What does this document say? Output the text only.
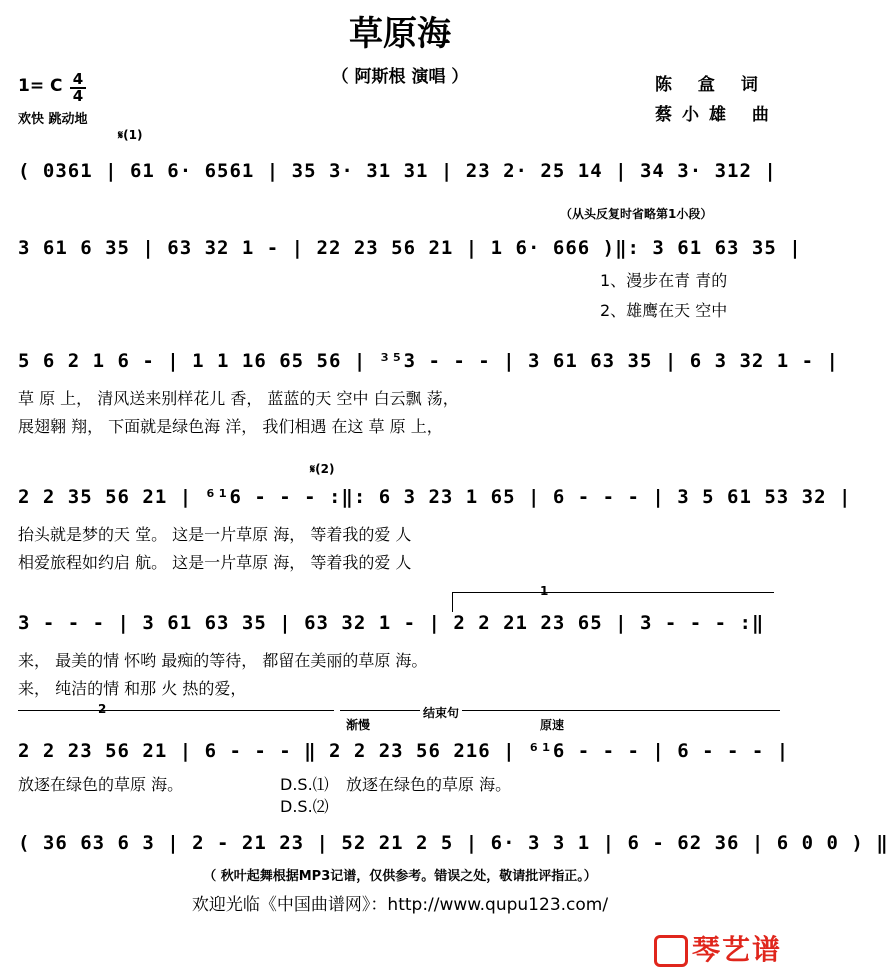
草原海
（ 阿斯根 演唱 ）
1= C 4
4
欢快 跳动地
陈 盒 词
蔡小雄 曲
𝄋(1)
( 0361 | 61 6· 6561 | 35 3· 31 31 | 23 2· 25 14 | 34 3· 312 |
（从头反复时省略第1小段）
3 61 6 35 | 63 32 1 - | 22 23 56 21 | 1 6· 666 )‖: 3 61 63 35 |
1、漫步在青 青的
2、雄鹰在天 空中
5 6 2 1 6 - | 1 1 16 65 56 | ³⁵3 - - - | 3 61 63 35 | 6 3 32 1 - |
草 原 上， 清风送来别样花儿 香， 蓝蓝的天 空中 白云飘 荡，
展翅翱 翔， 下面就是绿色海 洋， 我们相遇 在这 草 原 上，
𝄋(2)
2 2 35 56 21 | ⁶¹6 - - - :‖: 6 3 23 1 65 | 6 - - - | 3 5 61 53 32 |
抬头就是梦的天 堂。 这是一片草原 海， 等着我的爱 人
相爱旅程如约启 航。 这是一片草原 海， 等着我的爱 人
1
3 - - - | 3 61 63 35 | 63 32 1 - | 2 2 21 23 65 | 3 - - - :‖
来， 最美的情 怀哟 最痴的等待， 都留在美丽的草原 海。
来， 纯洁的情 和那 火 热的爱，
2
渐慢
结束句
原速
2 2 23 56 21 | 6 - - - ‖ 2 2 23 56 216 | ⁶¹6 - - - | 6 - - - |
放逐在绿色的草原 海。	D.S.⑴ 放逐在绿色的草原 海。
D.S.⑵
( 36 63 6 3 | 2 - 21 23 | 52 21 2 5 | 6· 3 3 1 | 6 - 62 36 | 6 0 0 ) ‖
（ 秋叶起舞根据MP3记谱，仅供参考。错误之处，敬请批评指正。）
欢迎光临《中国曲谱网》：http://www.qupu123.com/
琴艺谱
